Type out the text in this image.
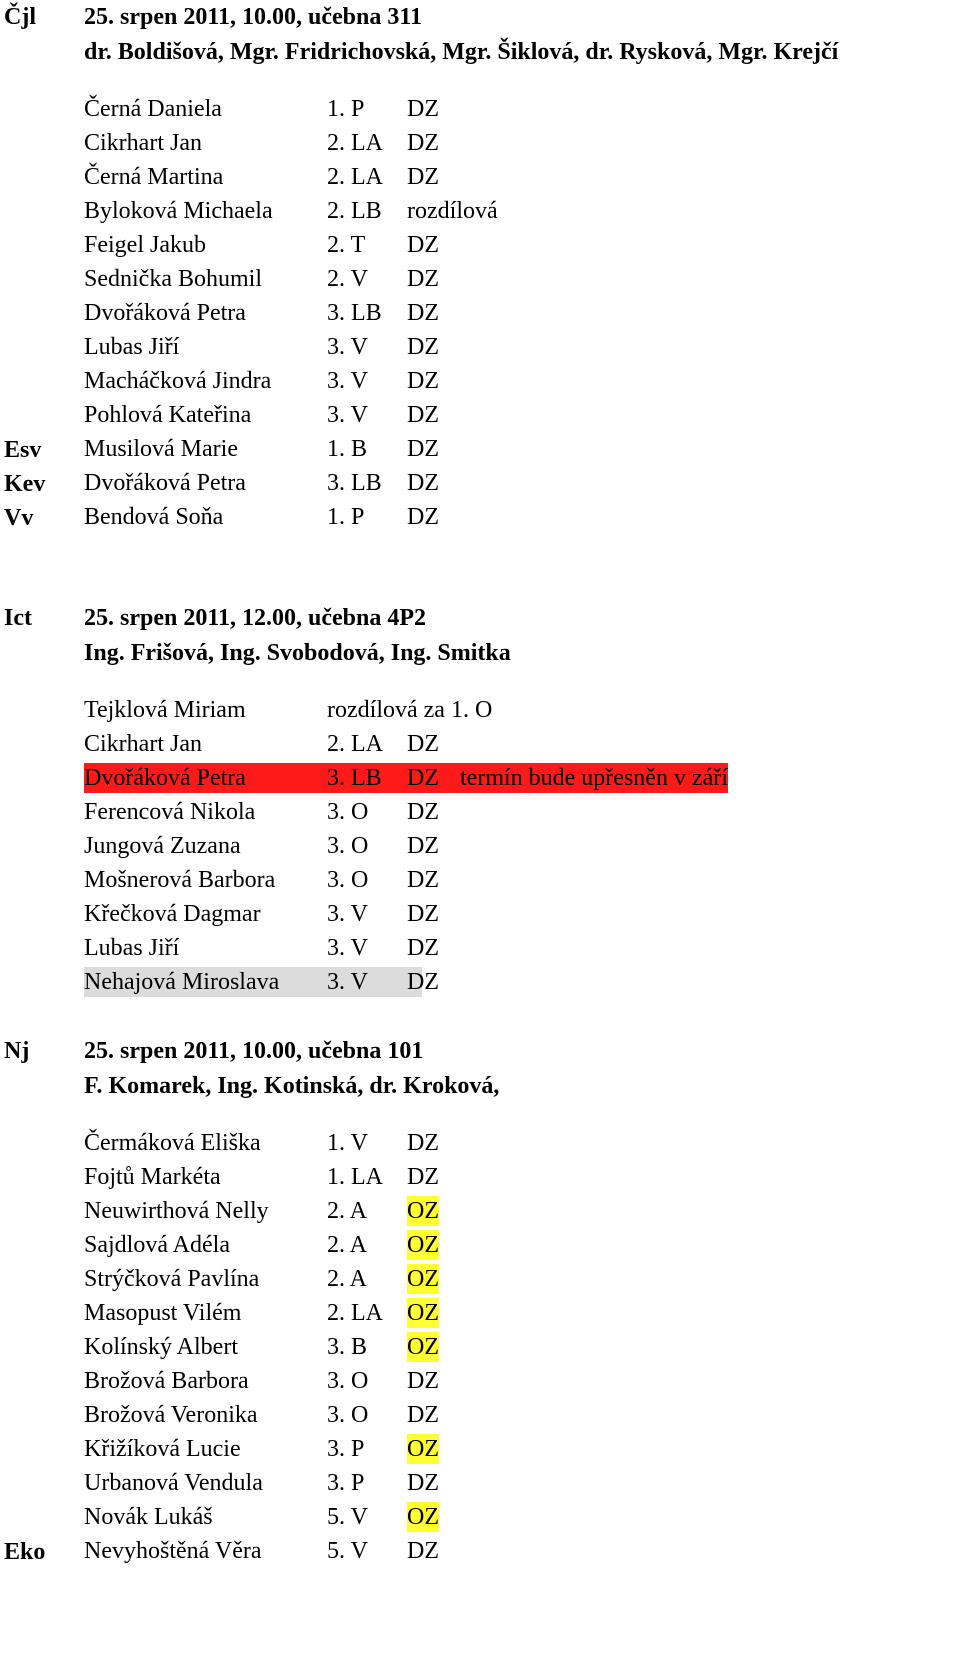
Čjl 25. srpen 2011, 10.00, učebna 311
dr. Boldišová, Mgr. Fridrichovská, Mgr. Šiklová, dr. Rysková, Mgr. Krejčí
Černá Daniela	1. P DZ
Cikrhart Jan	2. LA DZ
Černá Martina	2. LA DZ
Byloková Michaela 2. LB rozdílová
Feigel Jakub	2. T DZ
Sednička Bohumil	2. V DZ
Dvořáková Petra	3. LB DZ
Lubas Jiří	3. V DZ
Macháčková Jindra 3. V DZ
Pohlová Kateřina	3. V DZ
Esv Musilová Marie	1. B DZ
Kev Dvořáková Petra	3. LB DZ
Vv Bendová Soňa	1. P DZ
Ict 25. srpen 2011, 12.00, učebna 4P2
Ing. Frišová, Ing. Svobodová, Ing. Smitka
Tejklová Miriam	rozdílová za 1. O
Cikrhart Jan	2. LA DZ
Dvořáková Petra	3. LB	DZ termín bude upřesněn v září
Ferencová Nikola	3. O DZ
Jungová Zuzana	3. O DZ
Mošnerová Barbora 3. O DZ
Křečková Dagmar	3. V DZ
Lubas Jiří	3. V DZ
Nehajová Miroslava 3. V DZ
Nj 25. srpen 2011, 10.00, učebna 101
F. Komarek, Ing. Kotinská, dr. Kroková,
Čermáková Eliška	1. V DZ
Fojtů Markéta	1. LA DZ
Neuwirthová Nelly 2. A OZ
Sajdlová Adéla	2. A OZ
Strýčková Pavlína	2. A OZ
Masopust Vilém	2. LA OZ
Kolínský Albert	3. B OZ
Brožová Barbora	3. O DZ
Brožová Veronika	3. O DZ
Křižíková Lucie	3. P OZ
Urbanová Vendula	3. P DZ
Novák Lukáš	5. V OZ
Eko Nevyhoštěná Věra	5. V DZ
